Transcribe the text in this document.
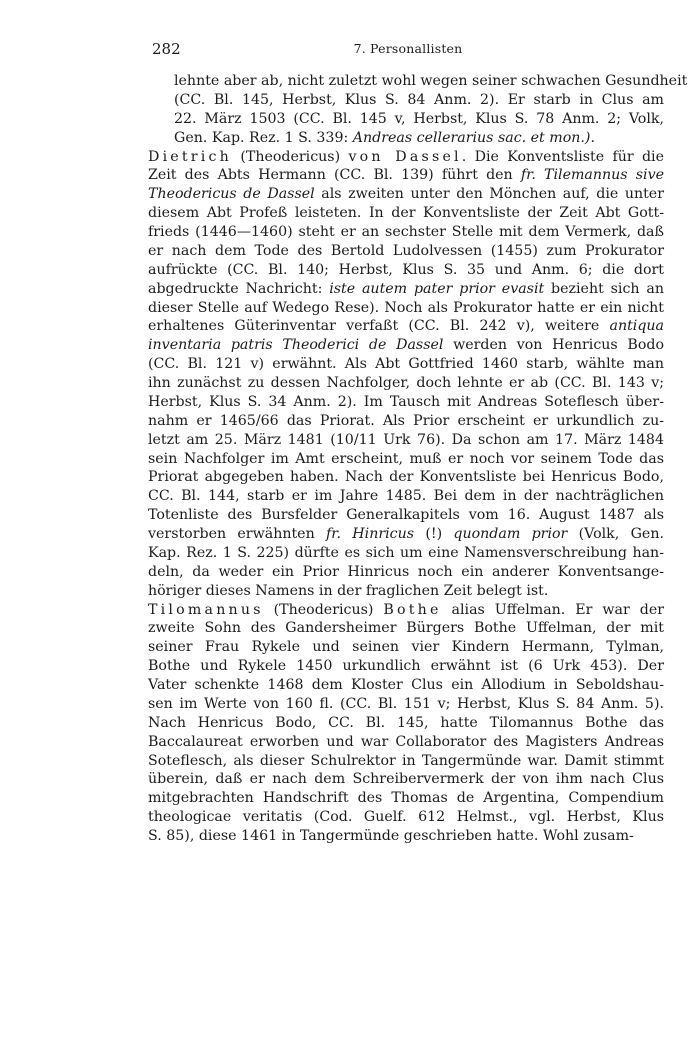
282	7. Personallisten
lehnte aber ab, nicht zuletzt wohl wegen seiner schwachen Gesundheit
(CC. Bl. 145, Herbst, Klus S. 84 Anm. 2). Er starb in Clus am
22. März 1503 (CC. Bl. 145 v, Herbst, Klus S. 78 Anm. 2; Volk,
Gen. Kap. Rez. 1 S. 339: Andreas cellerarius sac. et mon.).
Dietrich (Theodericus) von Dassel. Die Konventsliste für die
Zeit des Abts Hermann (CC. Bl. 139) führt den fr. Tilemannus sive
Theodericus de Dassel als zweiten unter den Mönchen auf, die unter
diesem Abt Profeß leisteten. In der Konventsliste der Zeit Abt Gott-
frieds (1446—1460) steht er an sechster Stelle mit dem Vermerk, daß
er nach dem Tode des Bertold Ludolvessen (1455) zum Prokurator
aufrückte (CC. Bl. 140; Herbst, Klus S. 35 und Anm. 6; die dort
abgedruckte Nachricht: iste autem pater prior evasit bezieht sich an
dieser Stelle auf Wedego Rese). Noch als Prokurator hatte er ein nicht
erhaltenes Güterinventar verfaßt (CC. Bl. 242 v), weitere antiqua
inventaria patris Theoderici de Dassel werden von Henricus Bodo
(CC. Bl. 121 v) erwähnt. Als Abt Gottfried 1460 starb, wählte man
ihn zunächst zu dessen Nachfolger, doch lehnte er ab (CC. Bl. 143 v;
Herbst, Klus S. 34 Anm. 2). Im Tausch mit Andreas Soteflesch über-
nahm er 1465/66 das Priorat. Als Prior erscheint er urkundlich zu-
letzt am 25. März 1481 (10/11 Urk 76). Da schon am 17. März 1484
sein Nachfolger im Amt erscheint, muß er noch vor seinem Tode das
Priorat abgegeben haben. Nach der Konventsliste bei Henricus Bodo,
CC. Bl. 144, starb er im Jahre 1485. Bei dem in der nachträglichen
Totenliste des Bursfelder Generalkapitels vom 16. August 1487 als
verstorben erwähnten fr. Hinricus (!) quondam prior (Volk, Gen.
Kap. Rez. 1 S. 225) dürfte es sich um eine Namensverschreibung han-
deln, da weder ein Prior Hinricus noch ein anderer Konventsange-
höriger dieses Namens in der fraglichen Zeit belegt ist.
Tilomannus (Theodericus) Bothe alias Uffelman. Er war der
zweite Sohn des Gandersheimer Bürgers Bothe Uffelman, der mit
seiner Frau Rykele und seinen vier Kindern Hermann, Tylman,
Bothe und Rykele 1450 urkundlich erwähnt ist (6 Urk 453). Der
Vater schenkte 1468 dem Kloster Clus ein Allodium in Seboldshau-
sen im Werte von 160 fl. (CC. Bl. 151 v; Herbst, Klus S. 84 Anm. 5).
Nach Henricus Bodo, CC. Bl. 145, hatte Tilomannus Bothe das
Baccalaureat erworben und war Collaborator des Magisters Andreas
Soteflesch, als dieser Schulrektor in Tangermünde war. Damit stimmt
überein, daß er nach dem Schreibervermerk der von ihm nach Clus
mitgebrachten Handschrift des Thomas de Argentina, Compendium
theologicae veritatis (Cod. Guelf. 612 Helmst., vgl. Herbst, Klus
S. 85), diese 1461 in Tangermünde geschrieben hatte. Wohl zusam-
